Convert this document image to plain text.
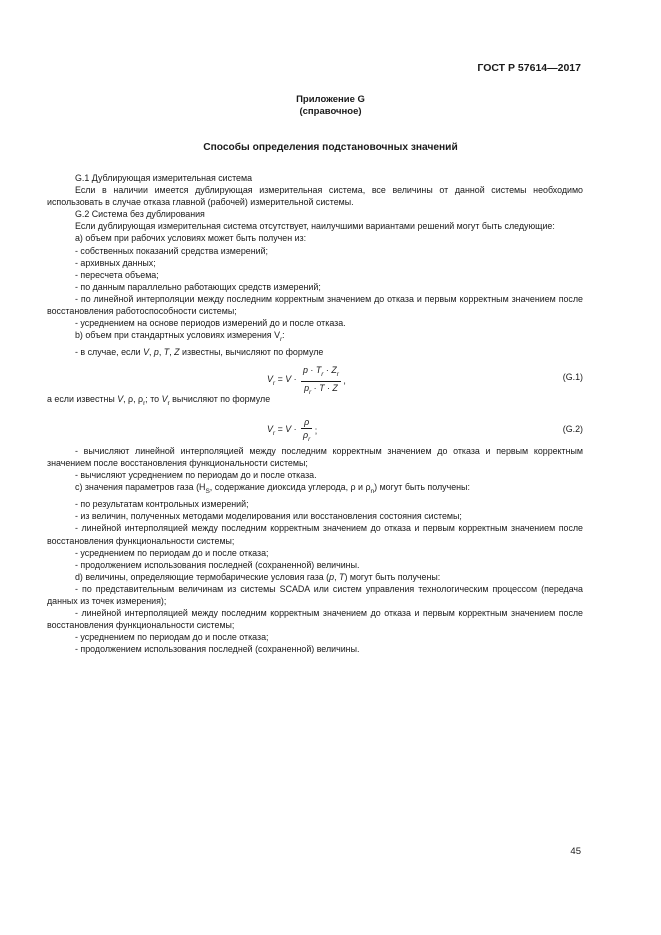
ГОСТ Р 57614—2017
Приложение G
(справочное)
Способы определения подстановочных значений

G.1 Дублирующая измерительная система

Если в наличии имеется дублирующая измерительная система, все величины от данной системы необходимо использовать в случае отказа главной (рабочей) измерительной системы.

G.2 Система без дублирования

Если дублирующая измерительная система отсутствует, наилучшими вариантами решений могут быть следующие:

a) объем при рабочих условиях может быть получен из:

- собственных показаний средства измерений;

- архивных данных;

- пересчета объема;

- по данным параллельно работающих средств измерений;

- по линейной интерполяции между последним корректным значением до отказа и первым корректным значением после восстановления работоспособности системы;

- усреднением на основе периодов измерений до и после отказа.

b) объем при стандартных условиях измерения $V_r$:

- в случае, если V, p, T, Z известны, вычисляют по формуле

$V_r = V \cdot \frac{p \cdot T_r \cdot Z_r}{p_r \cdot T \cdot Z}$ ,	(G.1)

а если известны V, ρ, $\rho_r$; то $V_r$ вычисляют по формуле

$V_r = V \cdot \frac{\rho}{\rho_r}$ ;	(G.2)

- вычисляют линейной интерполяцией между последним корректным значением до отказа и первым корректным значением после восстановления функциональности системы;

- вычисляют усреднением по периодам до и после отказа.

c) значения параметров газа ($H_S$, содержание диоксида углерода, ρ и $\rho_n$) могут быть получены:

- по результатам контрольных измерений;

- из величин, полученных методами моделирования или восстановления состояния системы;

- линейной интерполяцией между последним корректным значением до отказа и первым корректным значением после восстановления функциональности системы;

- усреднением по периодам до и после отказа;

- продолжением использования последней (сохраненной) величины.

d) величины, определяющие термобарические условия газа (p, T) могут быть получены:

- по представительным величинам из системы SCADA или систем управления технологическим процессом (передача данных из точек измерения);

- линейной интерполяцией между последним корректным значением до отказа и первым корректным значением после восстановления функциональности системы;

- усреднением по периодам до и после отказа;

- продолжением использования последней (сохраненной) величины.

45
